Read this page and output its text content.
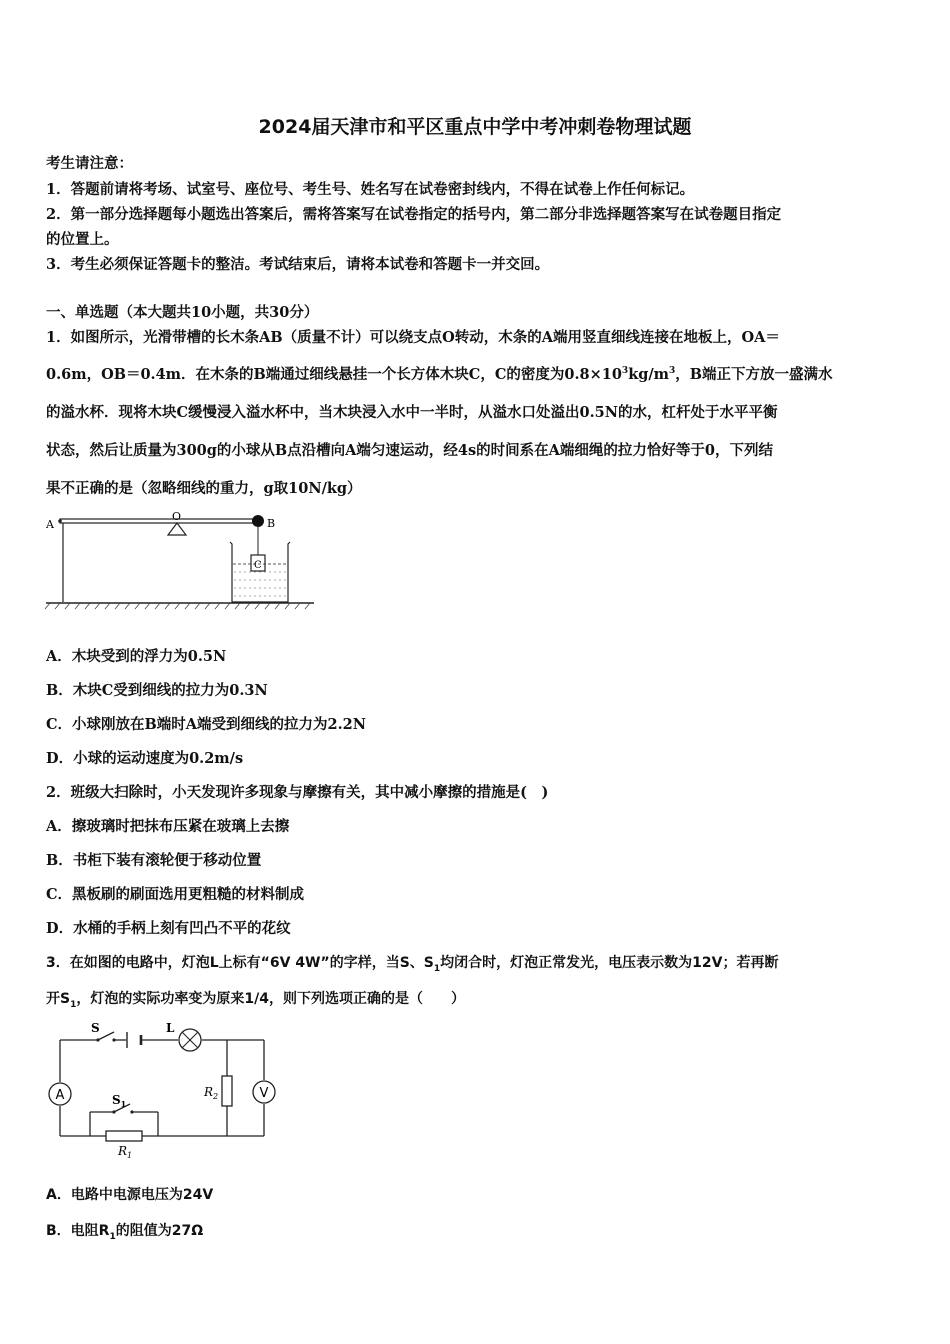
2024届天津市和平区重点中学中考冲刺卷物理试题
考生请注意：
1．答题前请将考场、试室号、座位号、考生号、姓名写在试卷密封线内，不得在试卷上作任何标记。
2．第一部分选择题每小题选出答案后，需将答案写在试卷指定的括号内，第二部分非选择题答案写在试卷题目指定
的位置上。
3．考生必须保证答题卡的整洁。考试结束后，请将本试卷和答题卡一并交回。
一、单选题（本大题共10小题，共30分）
1．如图所示，光滑带槽的长木条AB（质量不计）可以绕支点O转动，木条的A端用竖直细线连接在地板上，OA＝
0.6m，OB＝0.4m．在木条的B端通过细线悬挂一个长方体木块C，C的密度为$0.8\times 10^3kg/m^3$，B端正下方放一盛满水
的溢水杯．现将木块C缓慢浸入溢水杯中，当木块浸入水中一半时，从溢水口处溢出0.5N的水，杠杆处于水平平衡
状态，然后让质量为300g的小球从B点沿槽向A端匀速运动，经4s的时间系在A端细绳的拉力恰好等于0，下列结
果不正确的是（忽略细线的重力，g取10N/kg）
A
O
B
C
A．木块受到的浮力为0.5N
B．木块C受到细线的拉力为0.3N
C．小球刚放在B端时A端受到细线的拉力为2.2N
D．小球的运动速度为0.2m/s
2．班级大扫除时，小天发现许多现象与摩擦有关，其中减小摩擦的措施是(　)
A．擦玻璃时把抹布压紧在玻璃上去擦
B．书柜下装有滚轮便于移动位置
C．黑板刷的刷面选用更粗糙的材料制成
D．水桶的手柄上刻有凹凸不平的花纹
3．在如图的电路中，灯泡L上标有“6V 4W”的字样，当S、$S_1$均闭合时，灯泡正常发光，电压表示数为12V；若再断
开$S_1$，灯泡的实际功率变为原来1/4，则下列选项正确的是（　　）
S	L
A	V
$R_2$
$S_1$
$R_1$
A．电路中电源电压为24V
B．电阻$R_1$的阻值为27Ω
